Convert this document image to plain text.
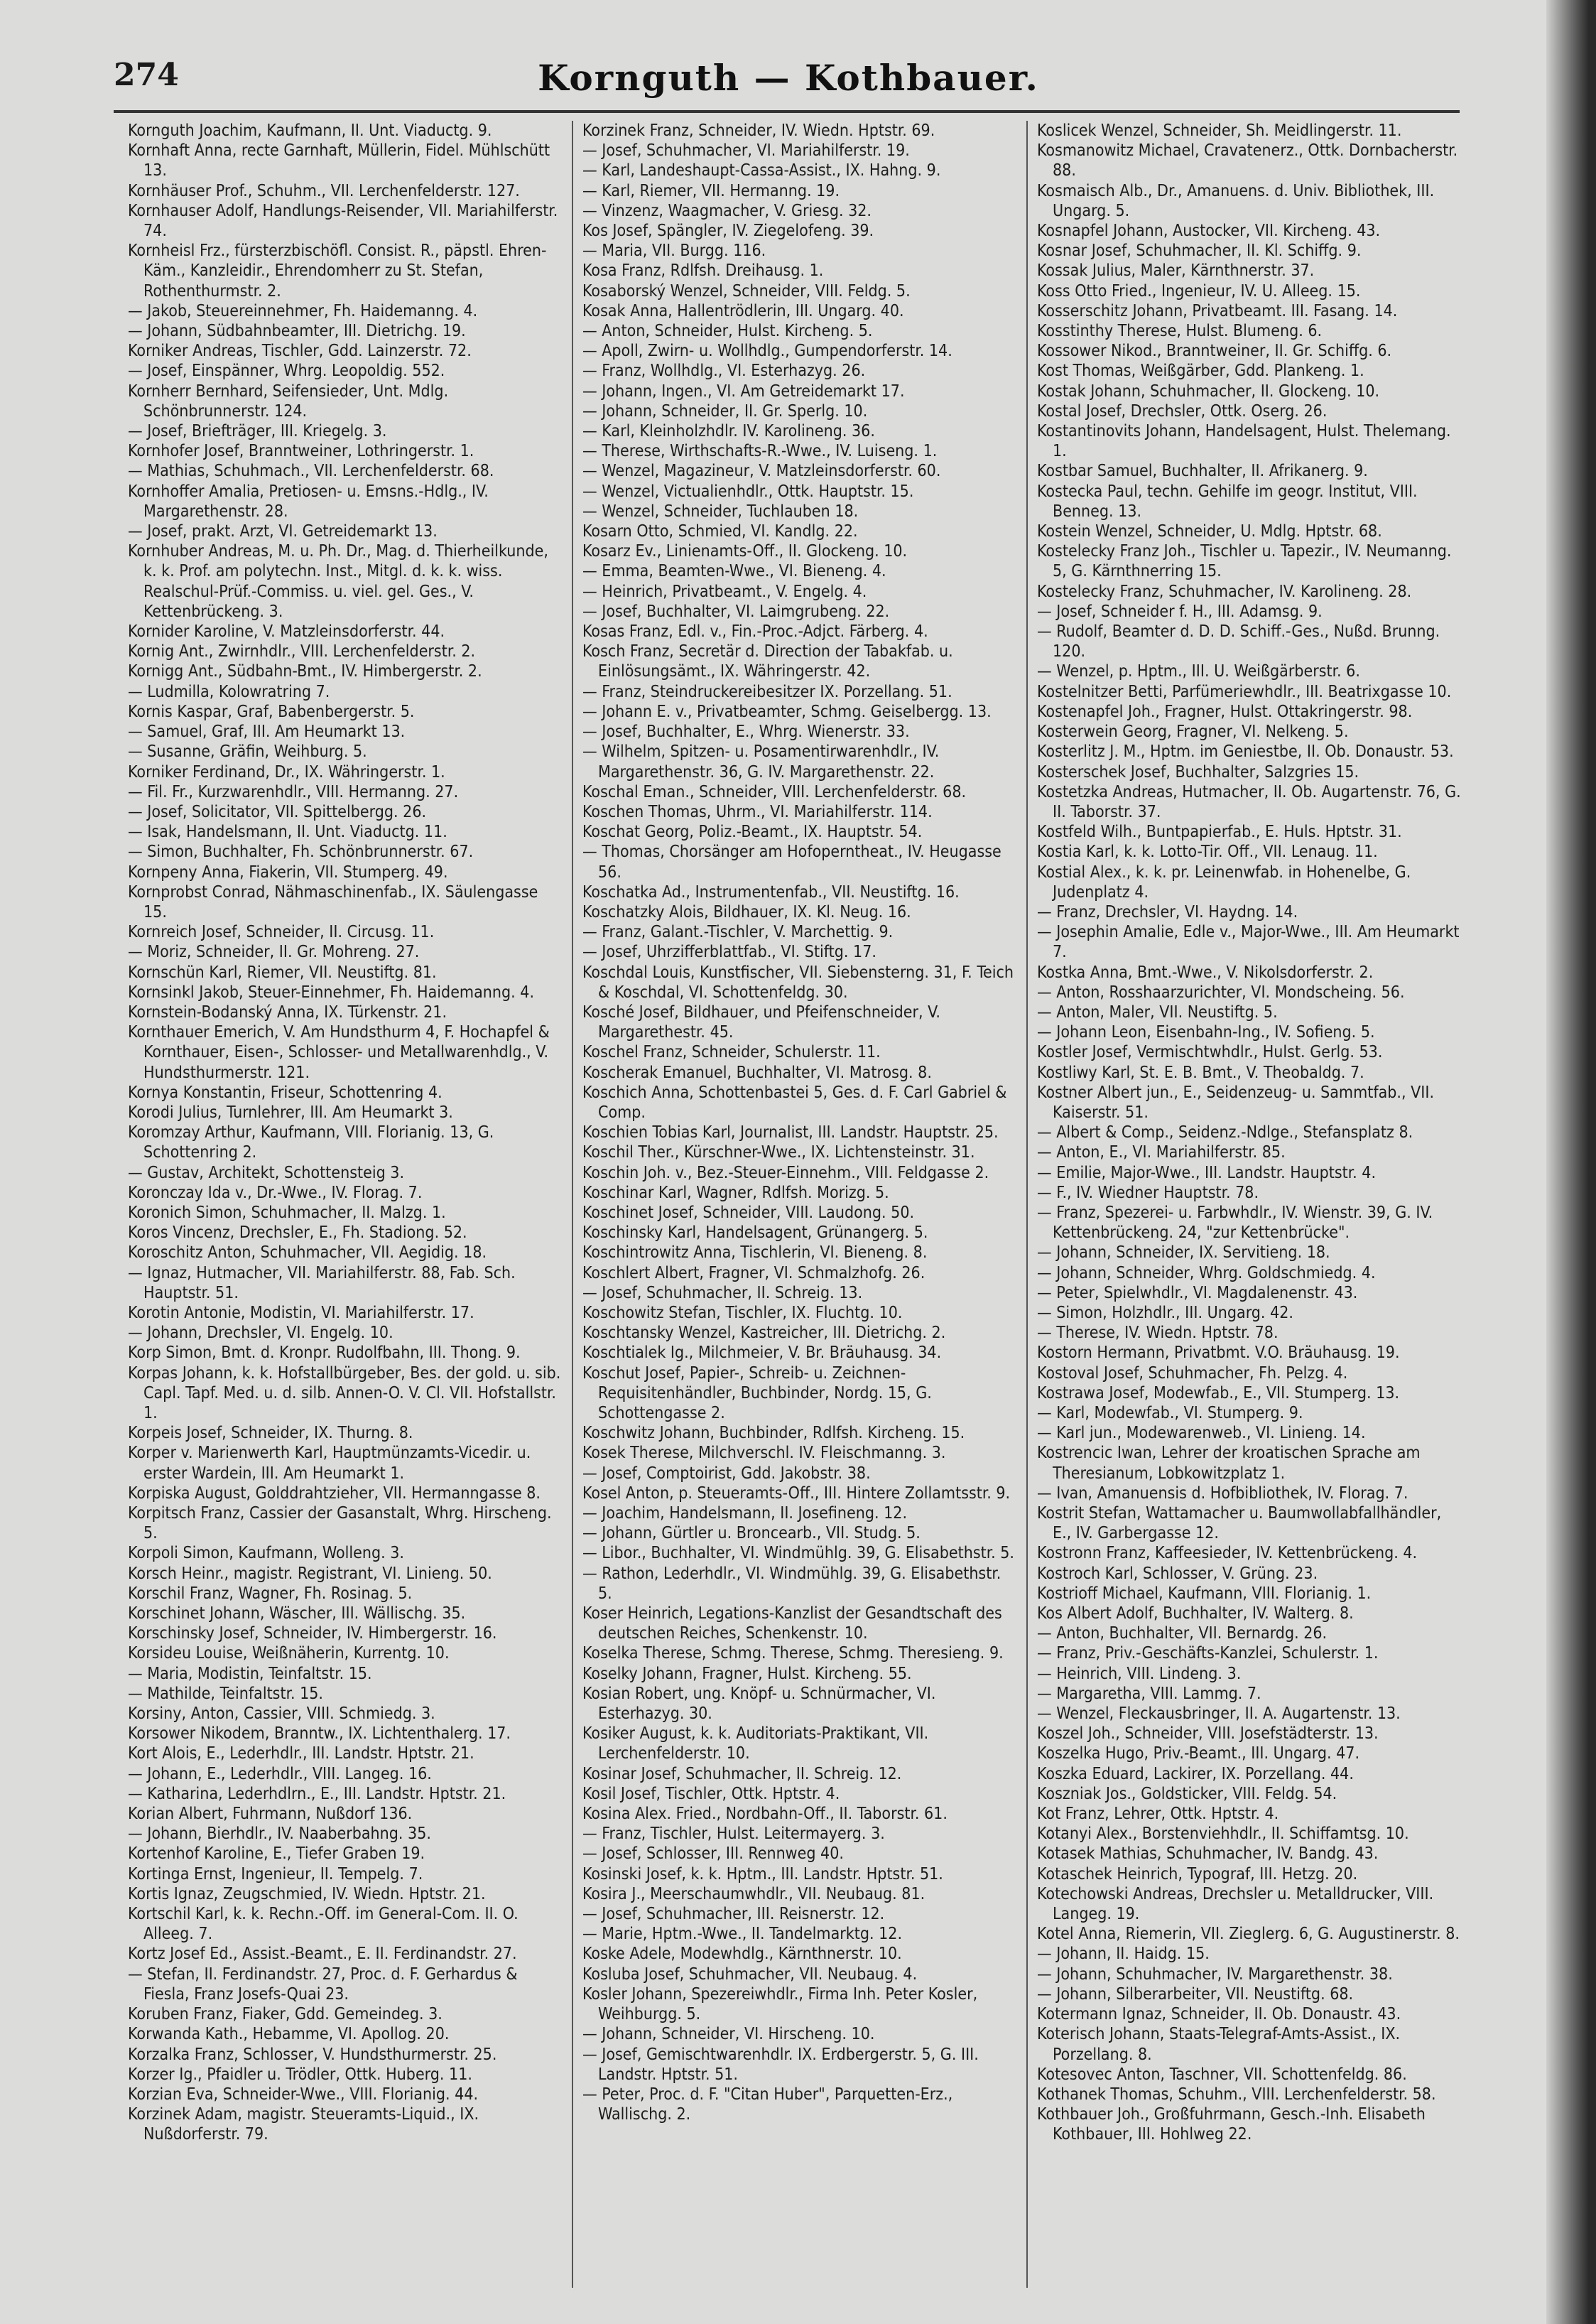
274	Kornguth — Kothbauer.

Kornguth Joachim, Kaufmann, II. Unt. Viaductg. 9.

Kornhaft Anna, recte Garnhaft, Müllerin, Fidel. Mühlschütt 13.

Kornhäuser Prof., Schuhm., VII. Lerchenfelderstr. 127.

Kornhauser Adolf, Handlungs-Reisender, VII. Mariahilferstr. 74.

Kornheisl Frz., fürsterzbischöfl. Consist. R., päpstl. Ehren-Käm., Kanzleidir., Ehrendomherr zu St. Stefan, Rothenthurmstr. 2.

— Jakob, Steuereinnehmer, Fh. Haidemanng. 4.

— Johann, Südbahnbeamter, III. Dietrichg. 19.

Korniker Andreas, Tischler, Gdd. Lainzerstr. 72.

— Josef, Einspänner, Whrg. Leopoldig. 552.

Kornherr Bernhard, Seifensieder, Unt. Mdlg. Schönbrunnerstr. 124.

— Josef, Briefträger, III. Kriegelg. 3.

Kornhofer Josef, Branntweiner, Lothringerstr. 1.

— Mathias, Schuhmach., VII. Lerchenfelderstr. 68.

Kornhoffer Amalia, Pretiosen- u. Emsns.-Hdlg., IV. Margarethenstr. 28.

— Josef, prakt. Arzt, VI. Getreidemarkt 13.

Kornhuber Andreas, M. u. Ph. Dr., Mag. d. Thierheilkunde, k. k. Prof. am polytechn. Inst., Mitgl. d. k. k. wiss. Realschul-Prüf.-Commiss. u. viel. gel. Ges., V. Kettenbrückeng. 3.

Kornider Karoline, V. Matzleinsdorferstr. 44.

Kornig Ant., Zwirnhdlr., VIII. Lerchenfelderstr. 2.

Kornigg Ant., Südbahn-Bmt., IV. Himbergerstr. 2.

— Ludmilla, Kolowratring 7.

Kornis Kaspar, Graf, Babenbergerstr. 5.

— Samuel, Graf, III. Am Heumarkt 13.

— Susanne, Gräfin, Weihburg. 5.

Korniker Ferdinand, Dr., IX. Währingerstr. 1.

— Fil. Fr., Kurzwarenhdlr., VIII. Hermanng. 27.

— Josef, Solicitator, VII. Spittelbergg. 26.

— Isak, Handelsmann, II. Unt. Viaductg. 11.

— Simon, Buchhalter, Fh. Schönbrunnerstr. 67.

Kornpeny Anna, Fiakerin, VII. Stumperg. 49.

Kornprobst Conrad, Nähmaschinenfab., IX. Säulengasse 15.

Kornreich Josef, Schneider, II. Circusg. 11.

— Moriz, Schneider, II. Gr. Mohreng. 27.

Kornschün Karl, Riemer, VII. Neustiftg. 81.

Kornsinkl Jakob, Steuer-Einnehmer, Fh. Haidemanng. 4.

Kornstein-Bodanský Anna, IX. Türkenstr. 21.

Kornthauer Emerich, V. Am Hundsthurm 4, F. Hochapfel & Kornthauer, Eisen-, Schlosser- und Metallwarenhdlg., V. Hundsthurmerstr. 121.

Kornya Konstantin, Friseur, Schottenring 4.

Korodi Julius, Turnlehrer, III. Am Heumarkt 3.

Koromzay Arthur, Kaufmann, VIII. Florianig. 13, G. Schottenring 2.

— Gustav, Architekt, Schottensteig 3.

Koronczay Ida v., Dr.-Wwe., IV. Florag. 7.

Koronich Simon, Schuhmacher, II. Malzg. 1.

Koros Vincenz, Drechsler, E., Fh. Stadiong. 52.

Koroschitz Anton, Schuhmacher, VII. Aegidig. 18.

— Ignaz, Hutmacher, VII. Mariahilferstr. 88, Fab. Sch. Hauptstr. 51.

Korotin Antonie, Modistin, VI. Mariahilferstr. 17.

— Johann, Drechsler, VI. Engelg. 10.

Korp Simon, Bmt. d. Kronpr. Rudolfbahn, III. Thong. 9.

Korpas Johann, k. k. Hofstallbürgeber, Bes. der gold. u. sib. Capl. Tapf. Med. u. d. silb. Annen-O. V. Cl. VII. Hofstallstr. 1.

Korpeis Josef, Schneider, IX. Thurng. 8.

Korper v. Marienwerth Karl, Hauptmünzamts-Vicedir. u. erster Wardein, III. Am Heumarkt 1.

Korpiska August, Golddrahtzieher, VII. Hermanngasse 8.

Korpitsch Franz, Cassier der Gasanstalt, Whrg. Hirscheng. 5.

Korpoli Simon, Kaufmann, Wolleng. 3.

Korsch Heinr., magistr. Registrant, VI. Linieng. 50.

Korschil Franz, Wagner, Fh. Rosinag. 5.

Korschinet Johann, Wäscher, III. Wällischg. 35.

Korschinsky Josef, Schneider, IV. Himbergerstr. 16.

Korsideu Louise, Weißnäherin, Kurrentg. 10.

— Maria, Modistin, Teinfaltstr. 15.

— Mathilde, Teinfaltstr. 15.

Korsiny, Anton, Cassier, VIII. Schmiedg. 3.

Korsower Nikodem, Branntw., IX. Lichtenthalerg. 17.

Kort Alois, E., Lederhdlr., III. Landstr. Hptstr. 21.

— Johann, E., Lederhdlr., VIII. Langeg. 16.

— Katharina, Lederhdlrn., E., III. Landstr. Hptstr. 21.

Korian Albert, Fuhrmann, Nußdorf 136.

— Johann, Bierhdlr., IV. Naaberbahng. 35.

Kortenhof Karoline, E., Tiefer Graben 19.

Kortinga Ernst, Ingenieur, II. Tempelg. 7.

Kortis Ignaz, Zeugschmied, IV. Wiedn. Hptstr. 21.

Kortschil Karl, k. k. Rechn.-Off. im General-Com. II. O. Alleeg. 7.

Kortz Josef Ed., Assist.-Beamt., E. II. Ferdinandstr. 27.

— Stefan, II. Ferdinandstr. 27, Proc. d. F. Gerhardus & Fiesla, Franz Josefs-Quai 23.

Koruben Franz, Fiaker, Gdd. Gemeindeg. 3.

Korwanda Kath., Hebamme, VI. Apollog. 20.

Korzalka Franz, Schlosser, V. Hundsthurmerstr. 25.

Korzer Ig., Pfaidler u. Trödler, Ottk. Huberg. 11.

Korzian Eva, Schneider-Wwe., VIII. Florianig. 44.

Korzinek Adam, magistr. Steueramts-Liquid., IX. Nußdorferstr. 79.

Korzinek Franz, Schneider, IV. Wiedn. Hptstr. 69.

— Josef, Schuhmacher, VI. Mariahilferstr. 19.

— Karl, Landeshaupt-Cassa-Assist., IX. Hahng. 9.

— Karl, Riemer, VII. Hermanng. 19.

— Vinzenz, Waagmacher, V. Griesg. 32.

Kos Josef, Spängler, IV. Ziegelofeng. 39.

— Maria, VII. Burgg. 116.

Kosa Franz, Rdlfsh. Dreihausg. 1.

Kosaborský Wenzel, Schneider, VIII. Feldg. 5.

Kosak Anna, Hallentrödlerin, III. Ungarg. 40.

— Anton, Schneider, Hulst. Kircheng. 5.

— Apoll, Zwirn- u. Wollhdlg., Gumpendorferstr. 14.

— Franz, Wollhdlg., VI. Esterhazyg. 26.

— Johann, Ingen., VI. Am Getreidemarkt 17.

— Johann, Schneider, II. Gr. Sperlg. 10.

— Karl, Kleinholzhdlr. IV. Karolineng. 36.

— Therese, Wirthschafts-R.-Wwe., IV. Luiseng. 1.

— Wenzel, Magazineur, V. Matzleinsdorferstr. 60.

— Wenzel, Victualienhdlr., Ottk. Hauptstr. 15.

— Wenzel, Schneider, Tuchlauben 18.

Kosarn Otto, Schmied, VI. Kandlg. 22.

Kosarz Ev., Linienamts-Off., II. Glockeng. 10.

— Emma, Beamten-Wwe., VI. Bieneng. 4.

— Heinrich, Privatbeamt., V. Engelg. 4.

— Josef, Buchhalter, VI. Laimgrubeng. 22.

Kosas Franz, Edl. v., Fin.-Proc.-Adjct. Färberg. 4.

Kosch Franz, Secretär d. Direction der Tabakfab. u. Einlösungsämt., IX. Währingerstr. 42.

— Franz, Steindruckereibesitzer IX. Porzellang. 51.

— Johann E. v., Privatbeamter, Schmg. Geiselbergg. 13.

— Josef, Buchhalter, E., Whrg. Wienerstr. 33.

— Wilhelm, Spitzen- u. Posamentirwarenhdlr., IV. Margarethenstr. 36, G. IV. Margarethenstr. 22.

Koschal Eman., Schneider, VIII. Lerchenfelderstr. 68.

Koschen Thomas, Uhrm., VI. Mariahilferstr. 114.

Koschat Georg, Poliz.-Beamt., IX. Hauptstr. 54.

— Thomas, Chorsänger am Hofoperntheat., IV. Heugasse 56.

Koschatka Ad., Instrumentenfab., VII. Neustiftg. 16.

Koschatzky Alois, Bildhauer, IX. Kl. Neug. 16.

— Franz, Galant.-Tischler, V. Marchettig. 9.

— Josef, Uhrzifferblattfab., VI. Stiftg. 17.

Koschdal Louis, Kunstfischer, VII. Siebensterng. 31, F. Teich & Koschdal, VI. Schottenfeldg. 30.

Kosché Josef, Bildhauer, und Pfeifenschneider, V. Margarethestr. 45.

Koschel Franz, Schneider, Schulerstr. 11.

Koscherak Emanuel, Buchhalter, VI. Matrosg. 8.

Koschich Anna, Schottenbastei 5, Ges. d. F. Carl Gabriel & Comp.

Koschien Tobias Karl, Journalist, III. Landstr. Hauptstr. 25.

Koschil Ther., Kürschner-Wwe., IX. Lichtensteinstr. 31.

Koschin Joh. v., Bez.-Steuer-Einnehm., VIII. Feldgasse 2.

Koschinar Karl, Wagner, Rdlfsh. Morizg. 5.

Koschinet Josef, Schneider, VIII. Laudong. 50.

Koschinsky Karl, Handelsagent, Grünangerg. 5.

Koschintrowitz Anna, Tischlerin, VI. Bieneng. 8.

Koschlert Albert, Fragner, VI. Schmalzhofg. 26.

— Josef, Schuhmacher, II. Schreig. 13.

Koschowitz Stefan, Tischler, IX. Fluchtg. 10.

Koschtansky Wenzel, Kastreicher, III. Dietrichg. 2.

Koschtialek Ig., Milchmeier, V. Br. Bräuhausg. 34.

Koschut Josef, Papier-, Schreib- u. Zeichnen-Requisitenhändler, Buchbinder, Nordg. 15, G. Schottengasse 2.

Koschwitz Johann, Buchbinder, Rdlfsh. Kircheng. 15.

Kosek Therese, Milchverschl. IV. Fleischmanng. 3.

— Josef, Comptoirist, Gdd. Jakobstr. 38.

Kosel Anton, p. Steueramts-Off., III. Hintere Zollamtsstr. 9.

— Joachim, Handelsmann, II. Josefineng. 12.

— Johann, Gürtler u. Broncearb., VII. Studg. 5.

— Libor., Buchhalter, VI. Windmühlg. 39, G. Elisabethstr. 5.

— Rathon, Lederhdlr., VI. Windmühlg. 39, G. Elisabethstr. 5.

Koser Heinrich, Legations-Kanzlist der Gesandtschaft des deutschen Reiches, Schenkenstr. 10.

Koselka Therese, Schmg. Therese, Schmg. Theresieng. 9.

Koselky Johann, Fragner, Hulst. Kircheng. 55.

Kosian Robert, ung. Knöpf- u. Schnürmacher, VI. Esterhazyg. 30.

Kosiker August, k. k. Auditoriats-Praktikant, VII. Lerchenfelderstr. 10.

Kosinar Josef, Schuhmacher, II. Schreig. 12.

Kosil Josef, Tischler, Ottk. Hptstr. 4.

Kosina Alex. Fried., Nordbahn-Off., II. Taborstr. 61.

— Franz, Tischler, Hulst. Leitermayerg. 3.

— Josef, Schlosser, III. Rennweg 40.

Kosinski Josef, k. k. Hptm., III. Landstr. Hptstr. 51.

Kosira J., Meerschaumwhdlr., VII. Neubaug. 81.

— Josef, Schuhmacher, III. Reisnerstr. 12.

— Marie, Hptm.-Wwe., II. Tandelmarktg. 12.

Koske Adele, Modewhdlg., Kärnthnerstr. 10.

Kosluba Josef, Schuhmacher, VII. Neubaug. 4.

Kosler Johann, Spezereiwhdlr., Firma Inh. Peter Kosler, Weihburgg. 5.

— Johann, Schneider, VI. Hirscheng. 10.

— Josef, Gemischtwarenhdlr. IX. Erdbergerstr. 5, G. III. Landstr. Hptstr. 51.

— Peter, Proc. d. F. "Citan Huber", Parquetten-Erz., Wallischg. 2.

Koslicek Wenzel, Schneider, Sh. Meidlingerstr. 11.

Kosmanowitz Michael, Cravatenerz., Ottk. Dornbacherstr. 88.

Kosmaisch Alb., Dr., Amanuens. d. Univ. Bibliothek, III. Ungarg. 5.

Kosnapfel Johann, Austocker, VII. Kircheng. 43.

Kosnar Josef, Schuhmacher, II. Kl. Schiffg. 9.

Kossak Julius, Maler, Kärnthnerstr. 37.

Koss Otto Fried., Ingenieur, IV. U. Alleeg. 15.

Kosserschitz Johann, Privatbeamt. III. Fasang. 14.

Kosstinthy Therese, Hulst. Blumeng. 6.

Kossower Nikod., Branntweiner, II. Gr. Schiffg. 6.

Kost Thomas, Weißgärber, Gdd. Plankeng. 1.

Kostak Johann, Schuhmacher, II. Glockeng. 10.

Kostal Josef, Drechsler, Ottk. Oserg. 26.

Kostantinovits Johann, Handelsagent, Hulst. Thelemang. 1.

Kostbar Samuel, Buchhalter, II. Afrikanerg. 9.

Kostecka Paul, techn. Gehilfe im geogr. Institut, VIII. Benneg. 13.

Kostein Wenzel, Schneider, U. Mdlg. Hptstr. 68.

Kostelecky Franz Joh., Tischler u. Tapezir., IV. Neumanng. 5, G. Kärnthnerring 15.

Kostelecky Franz, Schuhmacher, IV. Karolineng. 28.

— Josef, Schneider f. H., III. Adamsg. 9.

— Rudolf, Beamter d. D. D. Schiff.-Ges., Nußd. Brunng. 120.

— Wenzel, p. Hptm., III. U. Weißgärberstr. 6.

Kostelnitzer Betti, Parfümeriewhdlr., III. Beatrixgasse 10.

Kostenapfel Joh., Fragner, Hulst. Ottakringerstr. 98.

Kosterwein Georg, Fragner, VI. Nelkeng. 5.

Kosterlitz J. M., Hptm. im Geniestbe, II. Ob. Donaustr. 53.

Kosterschek Josef, Buchhalter, Salzgries 15.

Kostetzka Andreas, Hutmacher, II. Ob. Augartenstr. 76, G. II. Taborstr. 37.

Kostfeld Wilh., Buntpapierfab., E. Huls. Hptstr. 31.

Kostia Karl, k. k. Lotto-Tir. Off., VII. Lenaug. 11.

Kostial Alex., k. k. pr. Leinenwfab. in Hohenelbe, G. Judenplatz 4.

— Franz, Drechsler, VI. Haydng. 14.

— Josephin Amalie, Edle v., Major-Wwe., III. Am Heumarkt 7.

Kostka Anna, Bmt.-Wwe., V. Nikolsdorferstr. 2.

— Anton, Rosshaarzurichter, VI. Mondscheing. 56.

— Anton, Maler, VII. Neustiftg. 5.

— Johann Leon, Eisenbahn-Ing., IV. Sofieng. 5.

Kostler Josef, Vermischtwhdlr., Hulst. Gerlg. 53.

Kostliwy Karl, St. E. B. Bmt., V. Theobaldg. 7.

Kostner Albert jun., E., Seidenzeug- u. Sammtfab., VII. Kaiserstr. 51.

— Albert & Comp., Seidenz.-Ndlge., Stefansplatz 8.

— Anton, E., VI. Mariahilferstr. 85.

— Emilie, Major-Wwe., III. Landstr. Hauptstr. 4.

— F., IV. Wiedner Hauptstr. 78.

— Franz, Spezerei- u. Farbwhdlr., IV. Wienstr. 39, G. IV. Kettenbrückeng. 24, "zur Kettenbrücke".

— Johann, Schneider, IX. Servitieng. 18.

— Johann, Schneider, Whrg. Goldschmiedg. 4.

— Peter, Spielwhdlr., VI. Magdalenenstr. 43.

— Simon, Holzhdlr., III. Ungarg. 42.

— Therese, IV. Wiedn. Hptstr. 78.

Kostorn Hermann, Privatbmt. V.O. Bräuhausg. 19.

Kostoval Josef, Schuhmacher, Fh. Pelzg. 4.

Kostrawa Josef, Modewfab., E., VII. Stumperg. 13.

— Karl, Modewfab., VI. Stumperg. 9.

— Karl jun., Modewarenweb., VI. Linieng. 14.

Kostrencic Iwan, Lehrer der kroatischen Sprache am Theresianum, Lobkowitzplatz 1.

— Ivan, Amanuensis d. Hofbibliothek, IV. Florag. 7.

Kostrit Stefan, Wattamacher u. Baumwollabfallhändler, E., IV. Garbergasse 12.

Kostronn Franz, Kaffeesieder, IV. Kettenbrückeng. 4.

Kostroch Karl, Schlosser, V. Grüng. 23.

Kostrioff Michael, Kaufmann, VIII. Florianig. 1.

Kos Albert Adolf, Buchhalter, IV. Walterg. 8.

— Anton, Buchhalter, VII. Bernardg. 26.

— Franz, Priv.-Geschäfts-Kanzlei, Schulerstr. 1.

— Heinrich, VIII. Lindeng. 3.

— Margaretha, VIII. Lammg. 7.

— Wenzel, Fleckausbringer, II. A. Augartenstr. 13.

Koszel Joh., Schneider, VIII. Josefstädterstr. 13.

Koszelka Hugo, Priv.-Beamt., III. Ungarg. 47.

Koszka Eduard, Lackirer, IX. Porzellang. 44.

Koszniak Jos., Goldsticker, VIII. Feldg. 54.

Kot Franz, Lehrer, Ottk. Hptstr. 4.

Kotanyi Alex., Borstenviehhdlr., II. Schiffamtsg. 10.

Kotasek Mathias, Schuhmacher, IV. Bandg. 43.

Kotaschek Heinrich, Typograf, III. Hetzg. 20.

Kotechowski Andreas, Drechsler u. Metalldrucker, VIII. Langeg. 19.

Kotel Anna, Riemerin, VII. Zieglerg. 6, G. Augustinerstr. 8.

— Johann, II. Haidg. 15.

— Johann, Schuhmacher, IV. Margarethenstr. 38.

— Johann, Silberarbeiter, VII. Neustiftg. 68.

Kotermann Ignaz, Schneider, II. Ob. Donaustr. 43.

Koterisch Johann, Staats-Telegraf-Amts-Assist., IX. Porzellang. 8.

Kotesovec Anton, Taschner, VII. Schottenfeldg. 86.

Kothanek Thomas, Schuhm., VIII. Lerchenfelderstr. 58.

Kothbauer Joh., Großfuhrmann, Gesch.-Inh. Elisabeth Kothbauer, III. Hohlweg 22.
